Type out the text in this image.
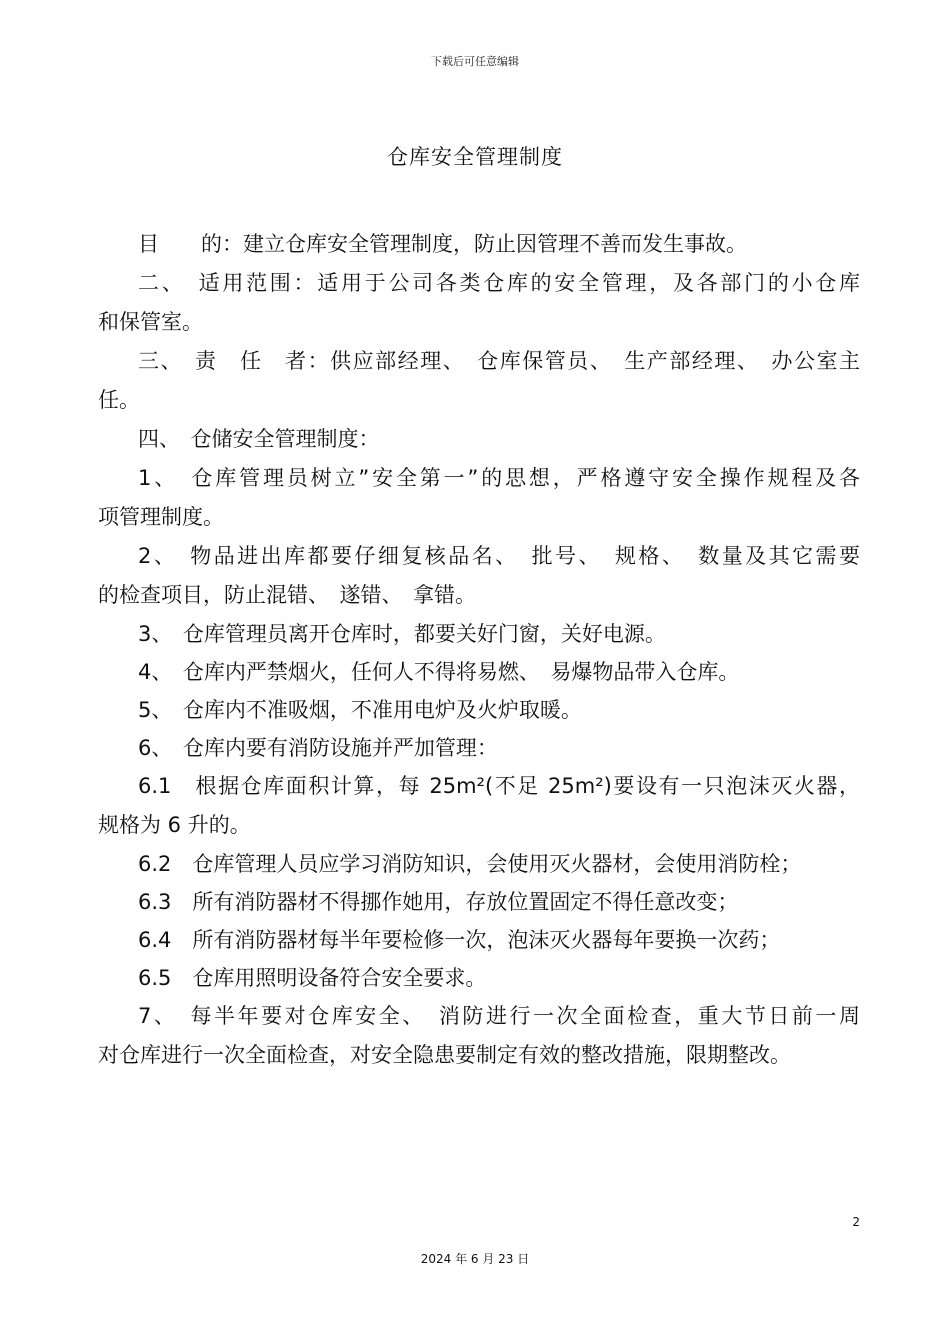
下载后可任意编辑
仓库安全管理制度
目　　的：建立仓库安全管理制度，防止因管理不善而发生事故。
二、　适用范围：适用于公司各类仓库的安全管理，及各部门的小仓库
和保管室。
三、　责　任　者：供应部经理、　仓库保管员、　生产部经理、　办公室主
任。
四、　仓储安全管理制度：
1、　仓库管理员树立”安全第一”的思想，严格遵守安全操作规程及各
项管理制度。
2、　物品进出库都要仔细复核品名、　批号、　规格、　数量及其它需要
的检查项目，防止混错、　遂错、　拿错。
3、　仓库管理员离开仓库时，都要关好门窗，关好电源。
4、　仓库内严禁烟火，任何人不得将易燃、　易爆物品带入仓库。
5、　仓库内不准吸烟，不准用电炉及火炉取暖。
6、　仓库内要有消防设施并严加管理：
6.1　根据仓库面积计算，每 25m²(不足 25m²)要设有一只泡沫灭火器，
规格为 6 升的。
6.2　仓库管理人员应学习消防知识，会使用灭火器材，会使用消防栓；
6.3　所有消防器材不得挪作她用，存放位置固定不得任意改变；
6.4　所有消防器材每半年要检修一次，泡沫灭火器每年要换一次药；
6.5　仓库用照明设备符合安全要求。
7、　每半年要对仓库安全、　消防进行一次全面检查，重大节日前一周
对仓库进行一次全面检查，对安全隐患要制定有效的整改措施，限期整改。
2
2024 年 6 月 23 日
